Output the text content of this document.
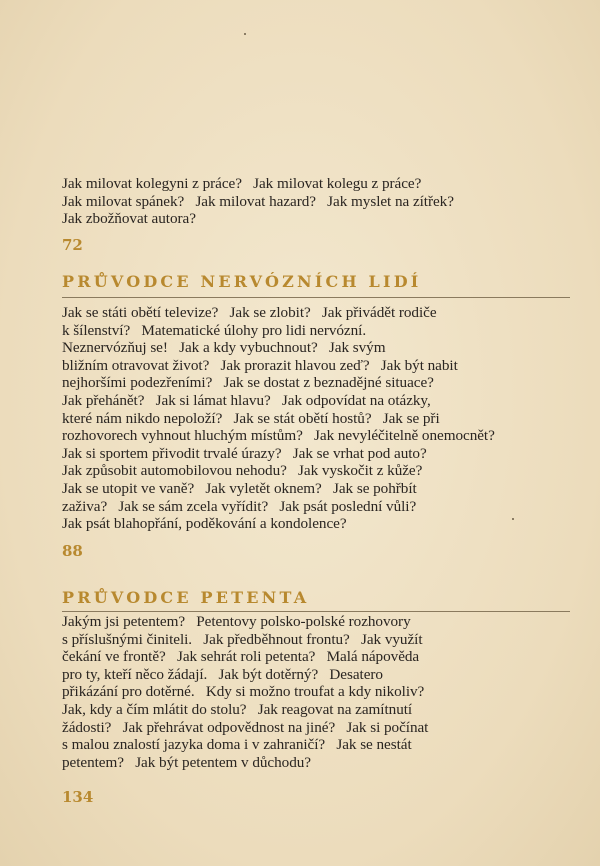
Jak milovat kolegyni z práce?   Jak milovat kolegu z práce?
Jak milovat spánek?   Jak milovat hazard?   Jak myslet na zítřek?
Jak zbožňovat autora?
72
PRŮVODCE NERVÓZNÍCH LIDÍ
Jak se státi obětí televize?   Jak se zlobit?   Jak přivádět rodiče
k šílenství?   Matematické úlohy pro lidi nervózní.
Neznervózňuj se!   Jak a kdy vybuchnout?   Jak svým
bližním otravovat život?   Jak prorazit hlavou zeď?   Jak být nabit
nejhoršími podezřeními?   Jak se dostat z beznadějné situace?
Jak přehánět?   Jak si lámat hlavu?   Jak odpovídat na otázky,
které nám nikdo nepoloží?   Jak se stát obětí hostů?   Jak se při
rozhovorech vyhnout hluchým místům?   Jak nevyléčitelně onemocnět?
Jak si sportem přivodit trvalé úrazy?   Jak se vrhat pod auto?
Jak způsobit automobilovou nehodu?   Jak vyskočit z kůže?
Jak se utopit ve vaně?   Jak vyletět oknem?   Jak se pohřbít
zaživa?   Jak se sám zcela vyřídit?   Jak psát poslední vůli?
Jak psát blahopřání, poděkování a kondolence?
88
PRŮVODCE PETENTA
Jakým jsi petentem?   Petentovy polsko-polské rozhovory
s příslušnými činiteli.   Jak předběhnout frontu?   Jak využít
čekání ve frontě?   Jak sehrát roli petenta?   Malá nápověda
pro ty, kteří něco žádají.   Jak být dotěrný?   Desatero
přikázání pro dotěrné.   Kdy si možno troufat a kdy nikoliv?
Jak, kdy a čím mlátit do stolu?   Jak reagovat na zamítnutí
žádosti?   Jak přehrávat odpovědnost na jiné?   Jak si počínat
s malou znalostí jazyka doma i v zahraničí?   Jak se nestát
petentem?   Jak být petentem v důchodu?
134
